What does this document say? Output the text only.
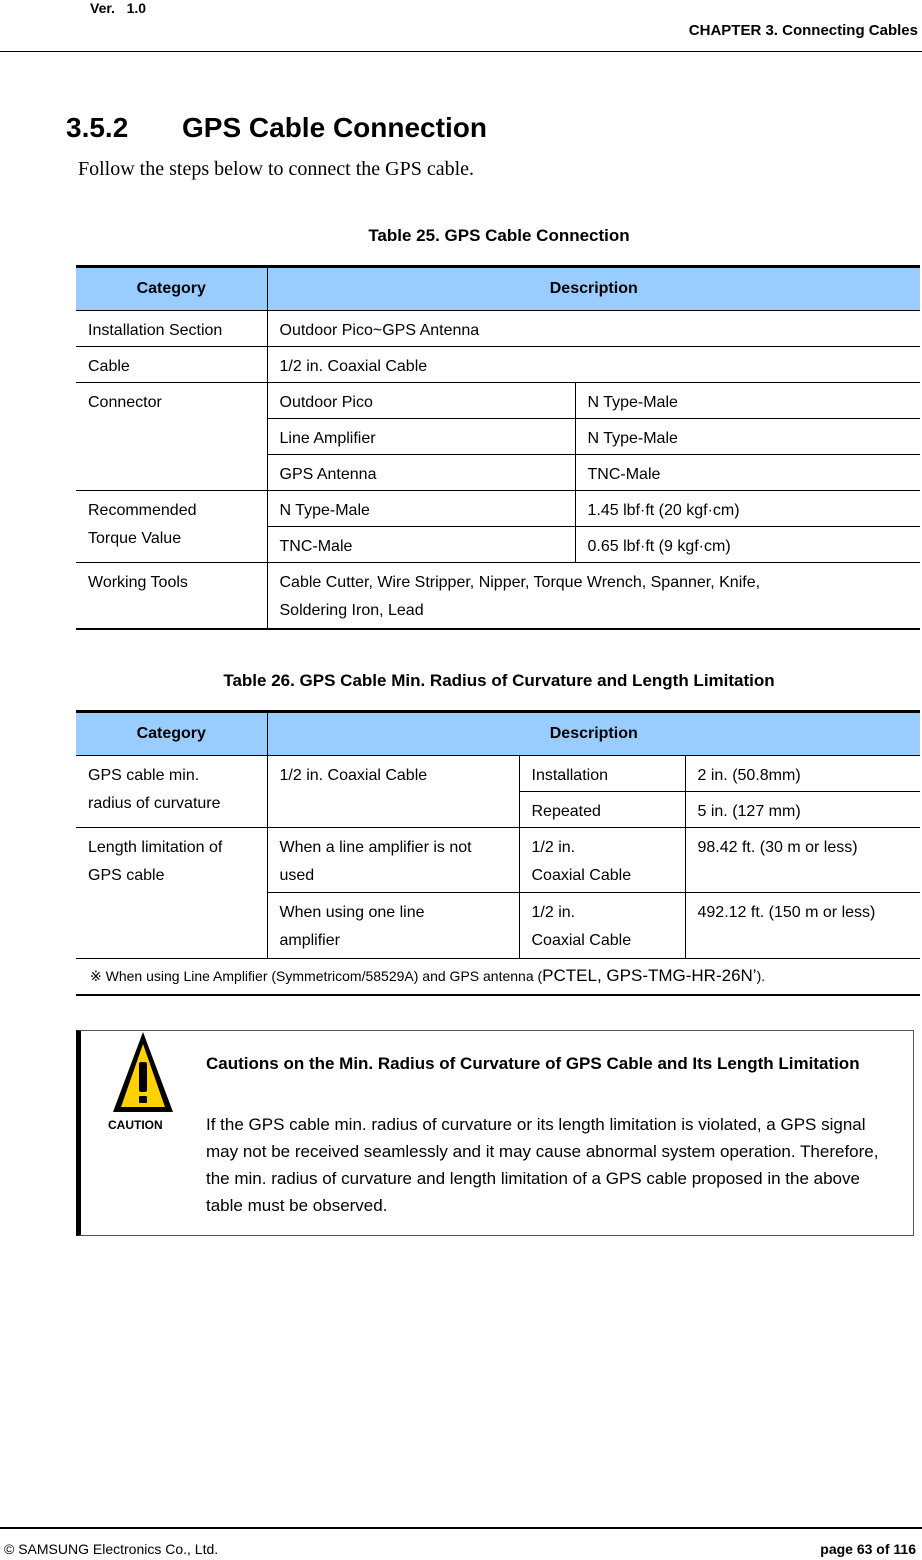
Ver. 1.0
CHAPTER 3. Connecting Cables
3.5.2 GPS Cable Connection
Follow the steps below to connect the GPS cable.
Table 25. GPS Cable Connection
Category	Description	
Installation Section	Outdoor Pico~GPS Antenna	
Cable	1/2 in. Coaxial Cable	
Connector	Outdoor Pico	N Type-Male
	Line Amplifier	N Type-Male
	GPS Antenna	TNC-Male
Recommended
Torque Value	N Type-Male	1.45 lbf·ft (20 kgf·cm)
	TNC-Male	0.65 lbf·ft (9 kgf·cm)
Working Tools	Cable Cutter, Wire Stripper, Nipper, Torque Wrench, Spanner, Knife,
Soldering Iron, Lead	
Table 26. GPS Cable Min. Radius of Curvature and Length Limitation
Category	Description		
GPS cable min.
radius of curvature	1/2 in. Coaxial Cable	Installation	2 in. (50.8mm)
		Repeated	5 in. (127 mm)
Length limitation of
GPS cable	When a line amplifier is not
used	1/2 in.
Coaxial Cable	98.42 ft. (30 m or less)
	When using one line
amplifier	1/2 in.
Coaxial Cable	492.12 ft. (150 m or less)
※ When using Line Amplifier (Symmetricom/58529A) and GPS antenna (PCTEL, GPS-TMG-HR-26N’).			
CAUTION
Cautions on the Min. Radius of Curvature of GPS Cable and Its Length Limitation
If the GPS cable min. radius of curvature or its length limitation is violated, a GPS signal may not be received seamlessly and it may cause abnormal system operation. Therefore, the min. radius of curvature and length limitation of a GPS cable proposed in the above table must be observed.
© SAMSUNG Electronics Co., Ltd.	page 63 of 116
